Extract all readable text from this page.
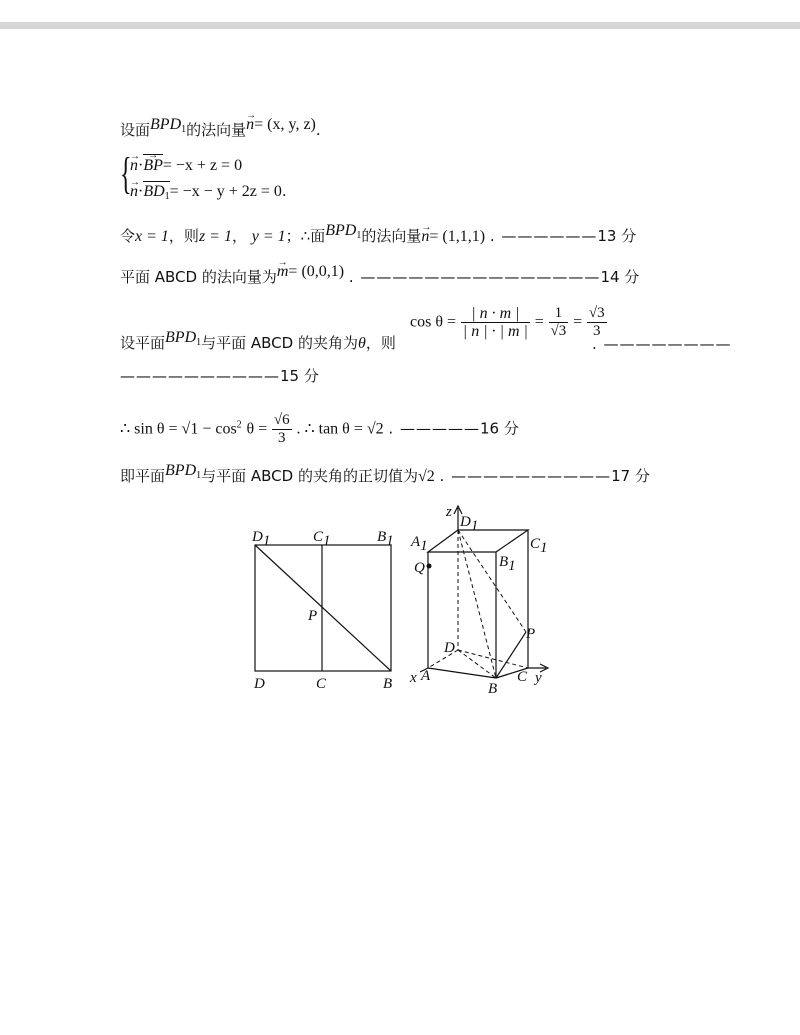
设面$BPD_1$的法向量→ n= (x, y, z).
{
→ n·→ BP= −x + z = 0
→ $n\cdot BD_1= -x - y + 2z = 0$.
令x = 1，则z = 1， y = 1；∴面$BPD_1$的法向量→ n= (1,1,1) . ——————13 分
平面 ABCD 的法向量为→ m= (0,0,1) . ———————————————14 分
设平面$BPD_1$与平面 ABCD 的夹角为θ，则
$\cos \theta = \frac{| n \cdot m |}{| n | \cdot | m |} = \frac{1}{√3} = \frac{√3}{3}$
. ————————
——————————15 分
∴ $\sin \theta = √1 - \cos^2 \theta = \frac{√6}{3}$ . ∴ tan θ = √2 . —————16 分
即平面$BPD_1$与平面 ABCD 的夹角的正切值为√2 . ——————————17 分
D1	C1	B1
P
D	C	B
z
D1
A1	C1
B1
Q
P
D
x A
B
C y
